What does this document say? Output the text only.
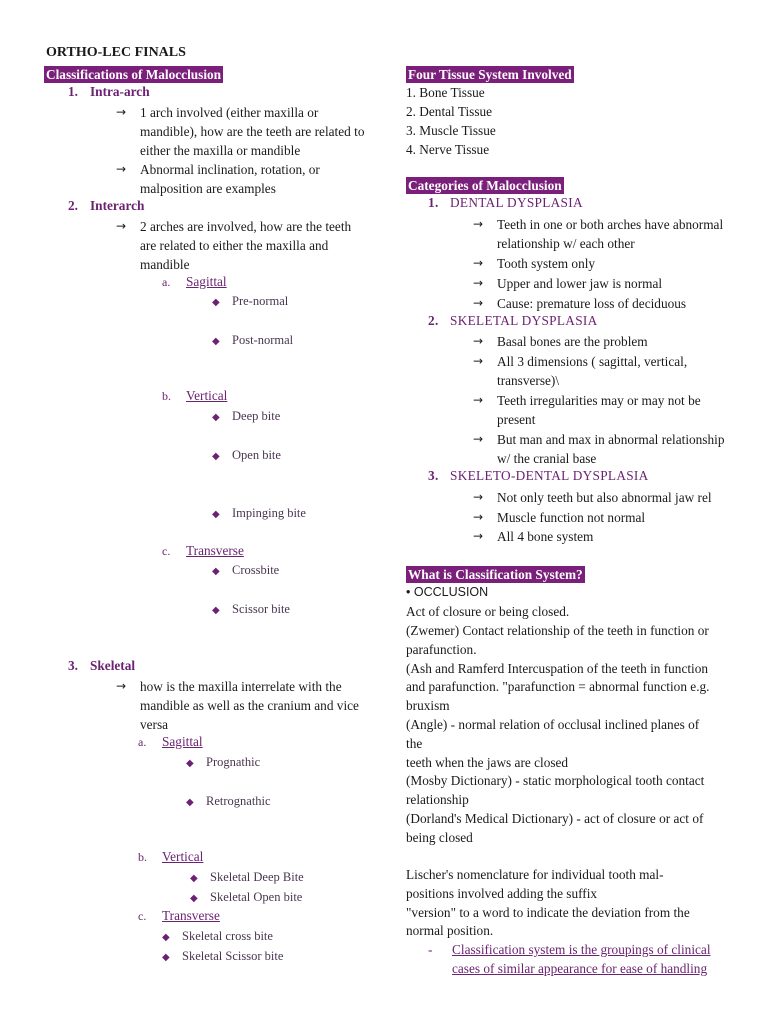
ORTHO-LEC FINALS
Classifications of Malocclusion
1. Intra-arch
→	1 arch involved (either maxilla or mandible), how are the teeth are related to either the maxilla or mandible
→	Abnormal inclination, rotation, or malposition are examples
2. Interarch
→	2 arches are involved, how are the teeth are related to either the maxilla and mandible
a. Sagittal
◆ Pre-normal
◆ Post-normal
b. Vertical
◆ Deep bite
◆ Open bite
◆ Impinging bite
c. Transverse
◆ Crossbite
◆ Scissor bite
3. Skeletal
→	how is the maxilla interrelate with the mandible as well as the cranium and vice versa
a. Sagittal
◆ Prognathic
◆ Retrognathic
b. Vertical
◆ Skeletal Deep Bite
◆ Skeletal Open bite
c. Transverse
◆ Skeletal cross bite
◆ Skeletal Scissor bite
Four Tissue System Involved
1. Bone Tissue
2. Dental Tissue
3. Muscle Tissue
4. Nerve Tissue
Categories of Malocclusion
1. DENTAL DYSPLASIA
→	Teeth in one or both arches have abnormal relationship w/ each other
→	Tooth system only
→	Upper and lower jaw is normal
→	Cause: premature loss of deciduous
2. SKELETAL DYSPLASIA
→	Basal bones are the problem
→	All 3 dimensions ( sagittal, vertical, transverse)\
→	Teeth irregularities may or may not be present
→	But man and max in abnormal relationship w/ the cranial base
3. SKELETO-DENTAL DYSPLASIA
→	Not only teeth but also abnormal jaw rel
→	Muscle function not normal
→	All 4 bone system
What is Classification System?
• OCCLUSION
Act of closure or being closed.
(Zwemer) Contact relationship of the teeth in function or
parafunction.
(Ash and Ramferd Intercuspation of the teeth in function
and parafunction. "parafunction = abnormal function e.g.
bruxism
(Angle) - normal relation of occlusal inclined planes of
the
teeth when the jaws are closed
(Mosby Dictionary) - static morphological tooth contact
relationship
(Dorland's Medical Dictionary) - act of closure or act of
being closed
Lischer's nomenclature for individual tooth mal-
positions involved adding the suffix
"version" to a word to indicate the deviation from the
normal position.
- Classification system is the groupings of clinical
cases of similar appearance for ease of handling
